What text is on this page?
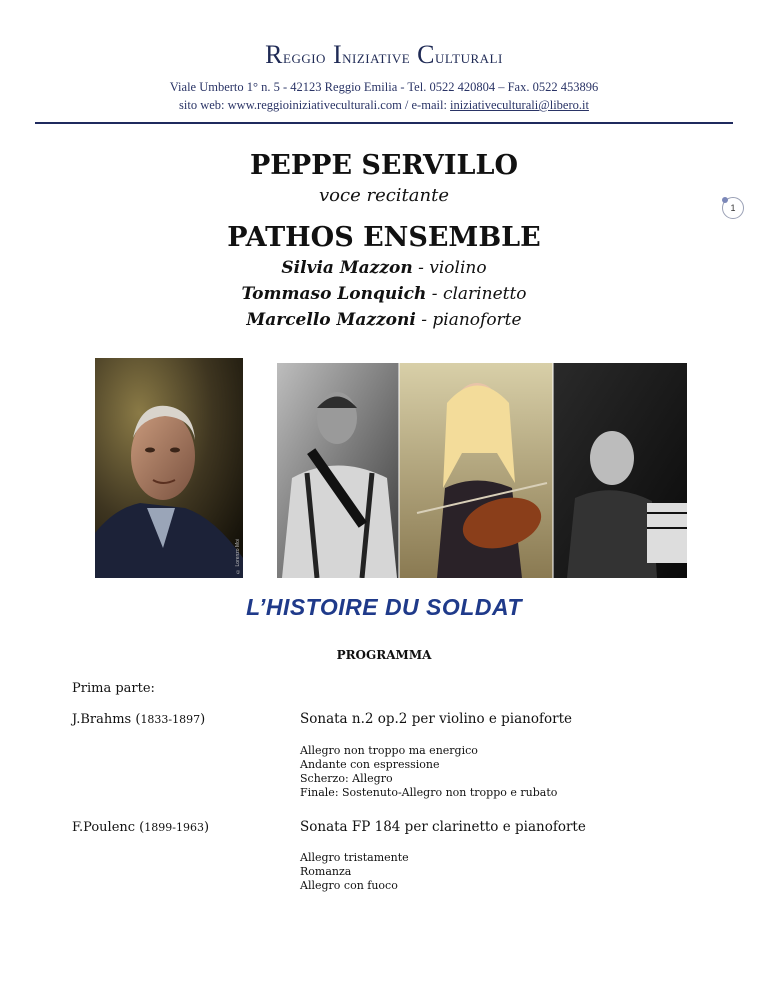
REGGIO INIZIATIVE CULTURALI
Viale Umberto 1° n. 5 - 42123 Reggio Emilia - Tel. 0522 420804 – Fax. 0522 453896
sito web: www.reggioiniziativeculturali.com / e-mail: iniziativeculturali@libero.it
1
PEPPE SERVILLO
voce recitante
PATHOS ENSEMBLE
Silvia Mazzon - violino
Tommaso Lonquich - clarinetto
Marcello Mazzoni - pianoforte
© Lorenzo Moi
L’HISTOIRE DU SOLDAT
PROGRAMMA
Prima parte:
J.Brahms (1833-1897)	Sonata n.2 op.2 per violino e pianoforte
Allegro non troppo ma energico
Andante con espressione
Scherzo: Allegro
Finale: Sostenuto-Allegro non troppo e rubato
F.Poulenc (1899-1963)	Sonata FP 184 per clarinetto e pianoforte
Allegro tristamente
Romanza
Allegro con fuoco
